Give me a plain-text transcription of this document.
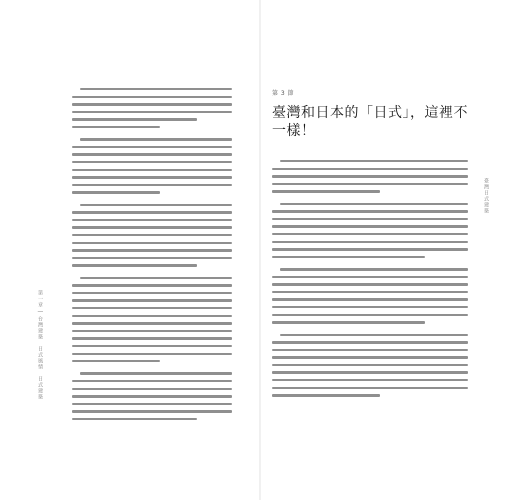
第一章 | 台灣建築　日式風情　日式建築
第 3 節
臺灣和日本的「日式」，這裡不一樣！
臺灣日式建築
